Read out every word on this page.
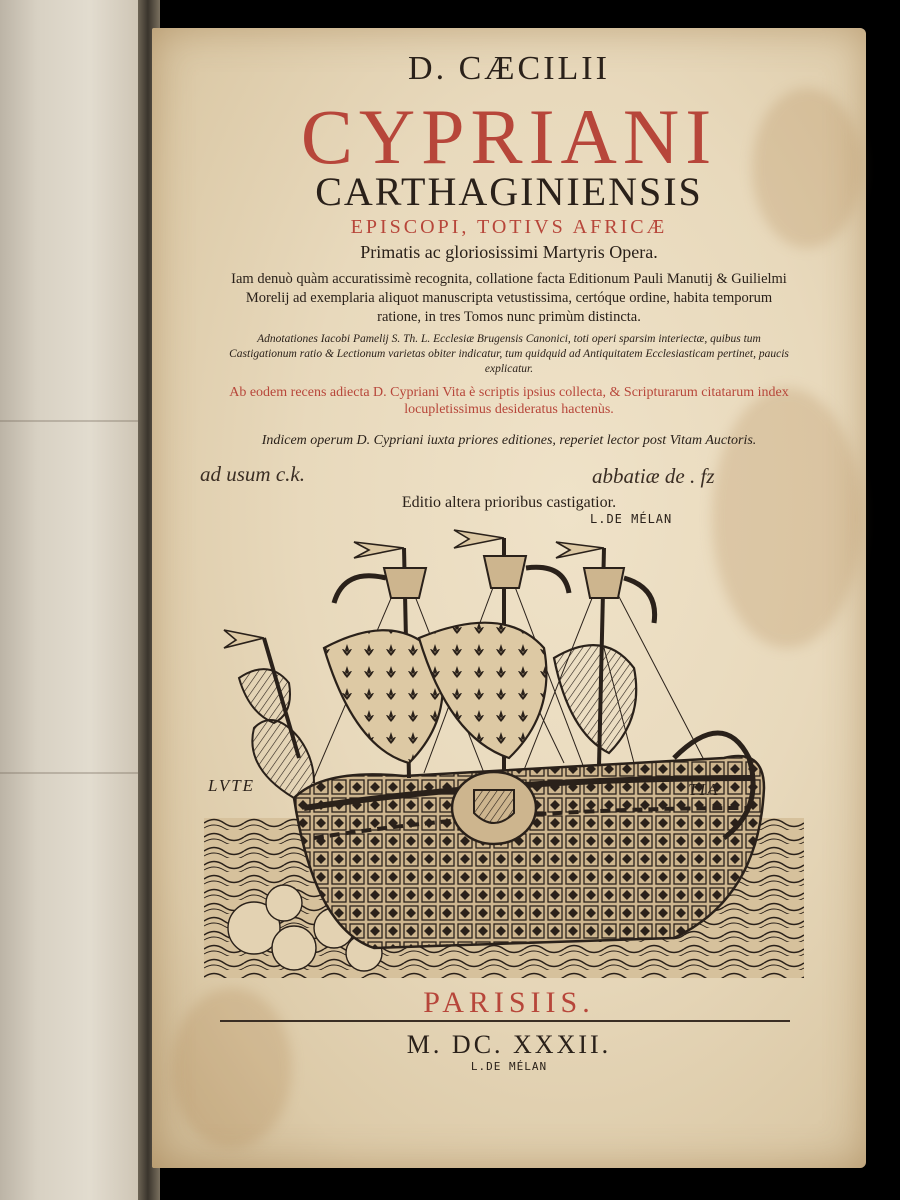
D. CÆCILII
CYPRIANI
CARTHAGINIENSIS
EPISCOPI, TOTIVS AFRICÆ
Primatis ac gloriosissimi Martyris Opera.
Iam denuò quàm accuratissimè recognita, collatione facta Editionum Pauli Manutij & Guilielmi Morelij ad exemplaria aliquot manuscripta vetustissima, certóque ordine, habita temporum ratione, in tres Tomos nunc primùm distincta.
Adnotationes Iacobi Pamelij S. Th. L. Ecclesiæ Brugensis Canonici, toti operi sparsim interiectæ, quibus tum Castigationum ratio & Lectionum varietas obiter indicatur, tum quidquid ad Antiquitatem Ecclesiasticam pertinet, paucis explicatur.
Ab eodem recens adiecta D. Cypriani Vita è scriptis ipsius collecta, & Scripturarum citatarum index locupletissimus desideratus hactenùs.
Indicem operum D. Cypriani iuxta priores editiones, reperiet lector post Vitam Auctoris.
ad usum c.k.	abbatiæ de . fz
Editio altera prioribus castigatior.
L.DE MÉLAN
LVTE	TIA
PARISIIS.
M. DC. XXXII.
L.DE MÉLAN
